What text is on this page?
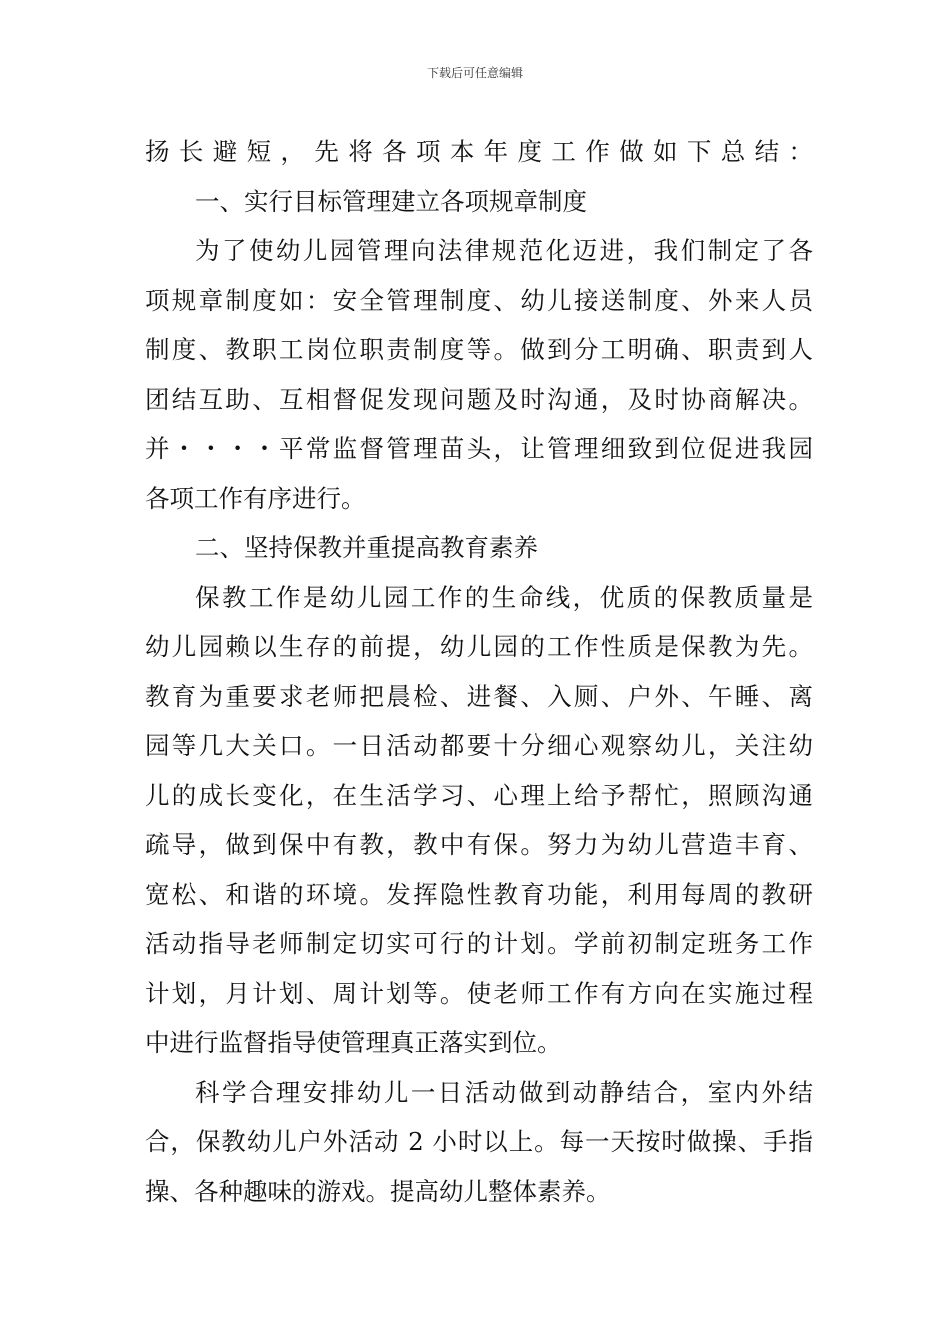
下载后可任意编辑
扬长避短，先将各项本年度工作做如下总结：
一、实行目标管理建立各项规章制度
为了使幼儿园管理向法律规范化迈进，我们制定了各
项规章制度如：安全管理制度、幼儿接送制度、外来人员
制度、教职工岗位职责制度等。做到分工明确、职责到人
团结互助、互相督促发现问题及时沟通，及时协商解决。
并・・・・平常监督管理苗头，让管理细致到位促进我园
各项工作有序进行。
二、坚持保教并重提高教育素养
保教工作是幼儿园工作的生命线，优质的保教质量是
幼儿园赖以生存的前提，幼儿园的工作性质是保教为先。
教育为重要求老师把晨检、进餐、入厕、户外、午睡、离
园等几大关口。一日活动都要十分细心观察幼儿，关注幼
儿的成长变化，在生活学习、心理上给予帮忙，照顾沟通
疏导，做到保中有教，教中有保。努力为幼儿营造丰育、
宽松、和谐的环境。发挥隐性教育功能，利用每周的教研
活动指导老师制定切实可行的计划。学前初制定班务工作
计划，月计划、周计划等。使老师工作有方向在实施过程
中进行监督指导使管理真正落实到位。
科学合理安排幼儿一日活动做到动静结合，室内外结
合，保教幼儿户外活动 2 小时以上。每一天按时做操、手指
操、各种趣味的游戏。提高幼儿整体素养。
